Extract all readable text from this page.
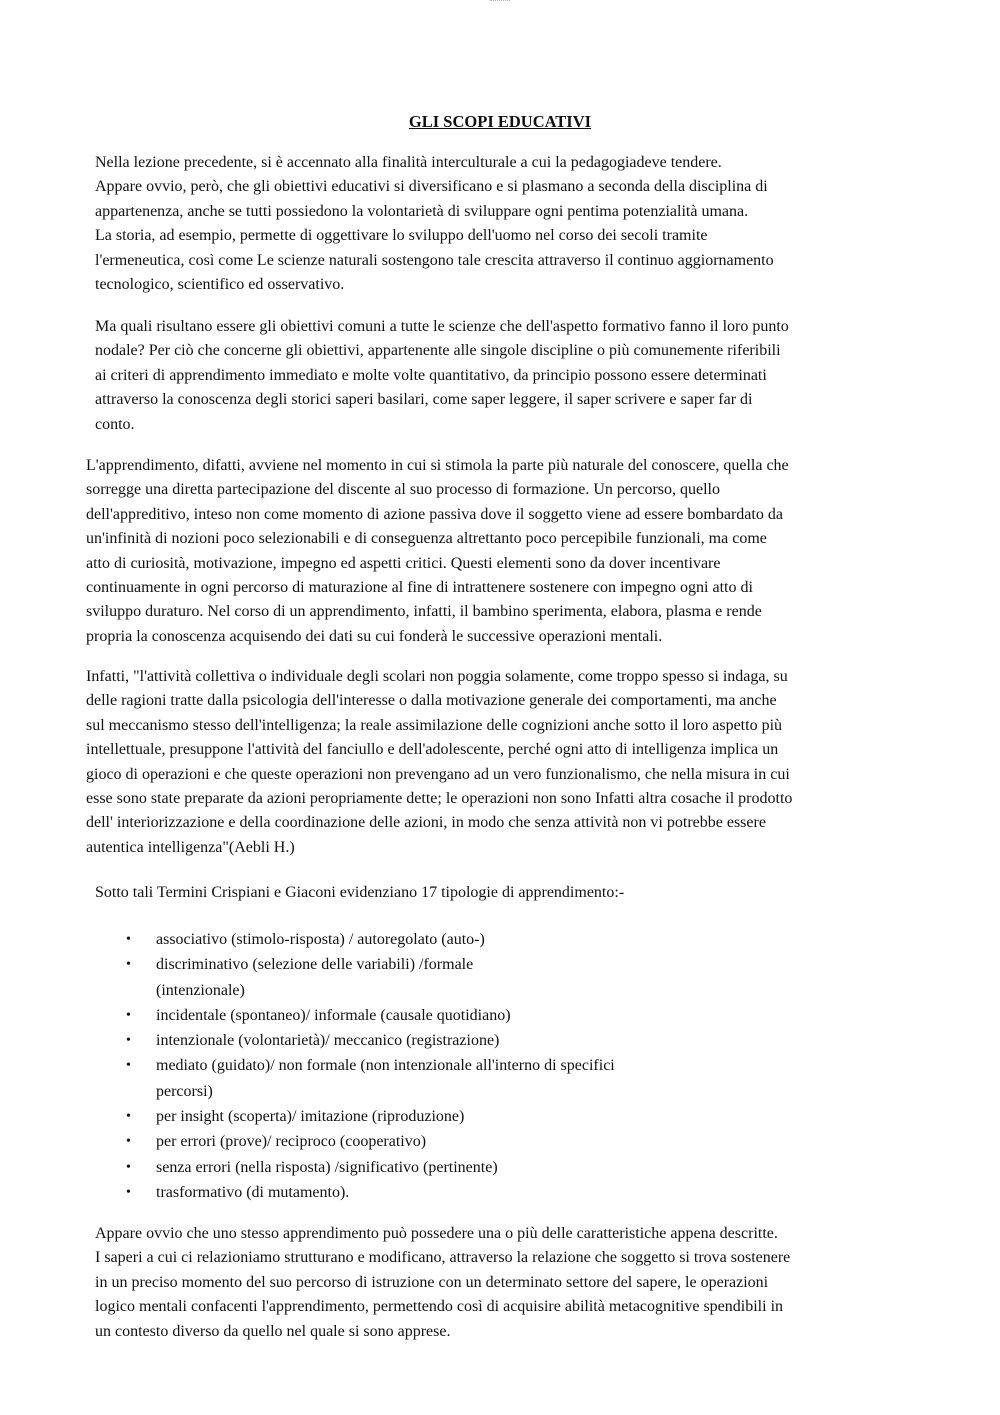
GLI SCOPI EDUCATIVI
Nella lezione precedente, si è accennato alla finalità interculturale a cui la pedagogiadeve tendere.
Appare ovvio, però, che gli obiettivi educativi si diversificano e si plasmano a seconda della disciplina di
appartenenza, anche se tutti possiedono la volontarietà di sviluppare ogni pentima potenzialità umana.
La storia, ad esempio, permette di oggettivare lo sviluppo dell'uomo nel corso dei secoli tramite
l'ermeneutica, così come Le scienze naturali sostengono tale crescita attraverso il continuo aggiornamento
tecnologico, scientifico ed osservativo.
Ma quali risultano essere gli obiettivi comuni a tutte le scienze che dell'aspetto formativo fanno il loro punto
nodale? Per ciò che concerne gli obiettivi, appartenente alle singole discipline o più comunemente riferibili
ai criteri di apprendimento immediato e molte volte quantitativo, da principio possono essere determinati
attraverso la conoscenza degli storici saperi basilari, come saper leggere, il saper scrivere e saper far di
conto.
L'apprendimento, difatti, avviene nel momento in cui si stimola la parte più naturale del conoscere, quella che
sorregge una diretta partecipazione del discente al suo processo di formazione. Un percorso, quello
dell'appreditivo, inteso non come momento di azione passiva dove il soggetto viene ad essere bombardato da
un'infinità di nozioni poco selezionabili e di conseguenza altrettanto poco percepibile funzionali, ma come
atto di curiosità, motivazione, impegno ed aspetti critici. Questi elementi sono da dover incentivare
continuamente in ogni percorso di maturazione al fine di intrattenere sostenere con impegno ogni atto di
sviluppo duraturo. Nel corso di un apprendimento, infatti, il bambino sperimenta, elabora, plasma e rende
propria la conoscenza acquisendo dei dati su cui fonderà le successive operazioni mentali.
Infatti, "l'attività collettiva o individuale degli scolari non poggia solamente, come troppo spesso si indaga, su
delle ragioni tratte dalla psicologia dell'interesse o dalla motivazione generale dei comportamenti, ma anche
sul meccanismo stesso dell'intelligenza; la reale assimilazione delle cognizioni anche sotto il loro aspetto più
intellettuale, presuppone l'attività del fanciullo e dell'adolescente, perché ogni atto di intelligenza implica un
gioco di operazioni e che queste operazioni non prevengano ad un vero funzionalismo, che nella misura in cui
esse sono state preparate da azioni peropriamente dette; le operazioni non sono Infatti altra cosache il prodotto
dell' interiorizzazione e della coordinazione delle azioni, in modo che senza attività non vi potrebbe essere
autentica intelligenza"(Aebli H.)
Sotto tali Termini Crispiani e Giaconi evidenziano 17 tipologie di apprendimento:-
• associativo (stimolo-risposta) / autoregolato (auto-)
• discriminativo (selezione delle variabili) /formale
(intenzionale)
• incidentale (spontaneo)/ informale (causale quotidiano)
• intenzionale (volontarietà)/ meccanico (registrazione)
• mediato (guidato)/ non formale (non intenzionale all'interno di specifici
percorsi)
• per insight (scoperta)/ imitazione (riproduzione)
• per errori (prove)/ reciproco (cooperativo)
• senza errori (nella risposta) /significativo (pertinente)
• trasformativo (di mutamento).
Appare ovvio che uno stesso apprendimento può possedere una o più delle caratteristiche appena descritte.
I saperi a cui ci relazioniamo strutturano e modificano, attraverso la relazione che soggetto si trova sostenere
in un preciso momento del suo percorso di istruzione con un determinato settore del sapere, le operazioni
logico mentali confacenti l'apprendimento, permettendo così di acquisire abilità metacognitive spendibili in
un contesto diverso da quello nel quale si sono apprese.
